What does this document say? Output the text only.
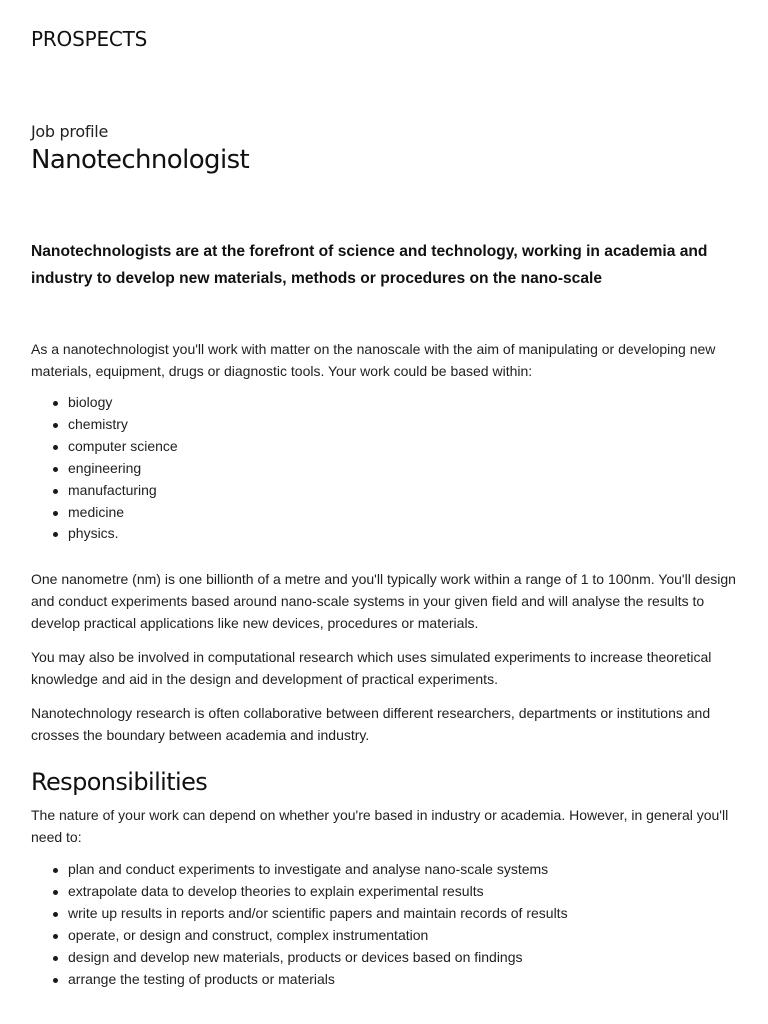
PROSPECTS
Job profile
Nanotechnologist

Nanotechnologists are at the forefront of science and technology, working in academia and industry to develop new materials, methods or procedures on the nano-scale

As a nanotechnologist you'll work with matter on the nanoscale with the aim of manipulating or developing new materials, equipment, drugs or diagnostic tools. Your work could be based within:

biology
chemistry
computer science
engineering
manufacturing
medicine
physics.

One nanometre (nm) is one billionth of a metre and you'll typically work within a range of 1 to 100nm. You'll design and conduct experiments based around nano-scale systems in your given field and will analyse the results to develop practical applications like new devices, procedures or materials.

You may also be involved in computational research which uses simulated experiments to increase theoretical knowledge and aid in the design and development of practical experiments.

Nanotechnology research is often collaborative between different researchers, departments or institutions and crosses the boundary between academia and industry.

Responsibilities

The nature of your work can depend on whether you're based in industry or academia. However, in general you'll need to:

plan and conduct experiments to investigate and analyse nano-scale systems
extrapolate data to develop theories to explain experimental results
write up results in reports and/or scientific papers and maintain records of results
operate, or design and construct, complex instrumentation
design and develop new materials, products or devices based on findings
arrange the testing of products or materials
